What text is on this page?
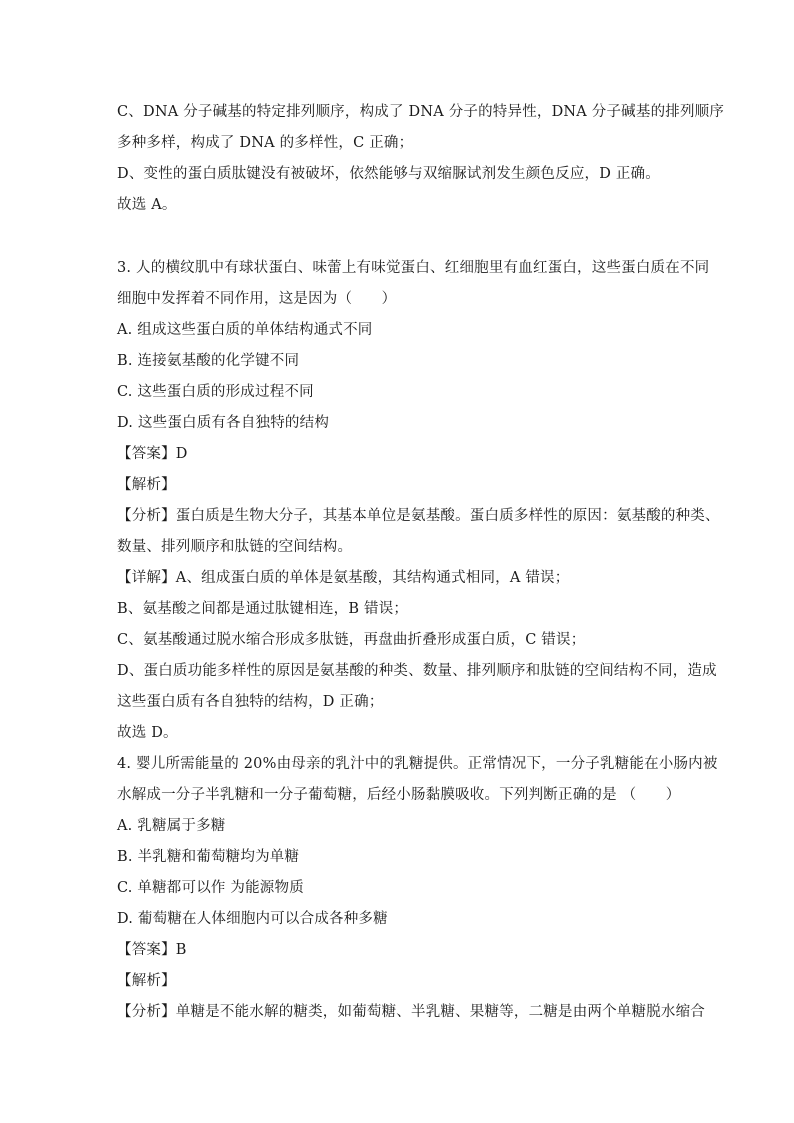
C、DNA 分子碱基的特定排列顺序，构成了 DNA 分子的特异性，DNA 分子碱基的排列顺序
多种多样，构成了 DNA 的多样性，C 正确；
D、变性的蛋白质肽键没有被破坏，依然能够与双缩脲试剂发生颜色反应，D 正确。
故选 A。
3. 人的横纹肌中有球状蛋白、味蕾上有味觉蛋白、红细胞里有血红蛋白，这些蛋白质在不同
细胞中发挥着不同作用，这是因为（　　）
A. 组成这些蛋白质的单体结构通式不同
B. 连接氨基酸的化学键不同
C. 这些蛋白质的形成过程不同
D. 这些蛋白质有各自独特的结构
【答案】D
【解析】
【分析】蛋白质是生物大分子，其基本单位是氨基酸。蛋白质多样性的原因：氨基酸的种类、
数量、排列顺序和肽链的空间结构。
【详解】A、组成蛋白质的单体是氨基酸，其结构通式相同，A 错误；
B、氨基酸之间都是通过肽键相连，B 错误；
C、氨基酸通过脱水缩合形成多肽链，再盘曲折叠形成蛋白质，C 错误；
D、蛋白质功能多样性的原因是氨基酸的种类、数量、排列顺序和肽链的空间结构不同，造成
这些蛋白质有各自独特的结构，D 正确；
故选 D。
4. 婴儿所需能量的 20%由母亲的乳汁中的乳糖提供。正常情况下，一分子乳糖能在小肠内被
水解成一分子半乳糖和一分子葡萄糖，后经小肠黏膜吸收。下列判断正确的是 （　　）
A. 乳糖属于多糖
B. 半乳糖和葡萄糖均为单糖
C. 单糖都可以作 为能源物质
D. 葡萄糖在人体细胞内可以合成各种多糖
【答案】B
【解析】
【分析】单糖是不能水解的糖类，如葡萄糖、半乳糖、果糖等，二糖是由两个单糖脱水缩合
